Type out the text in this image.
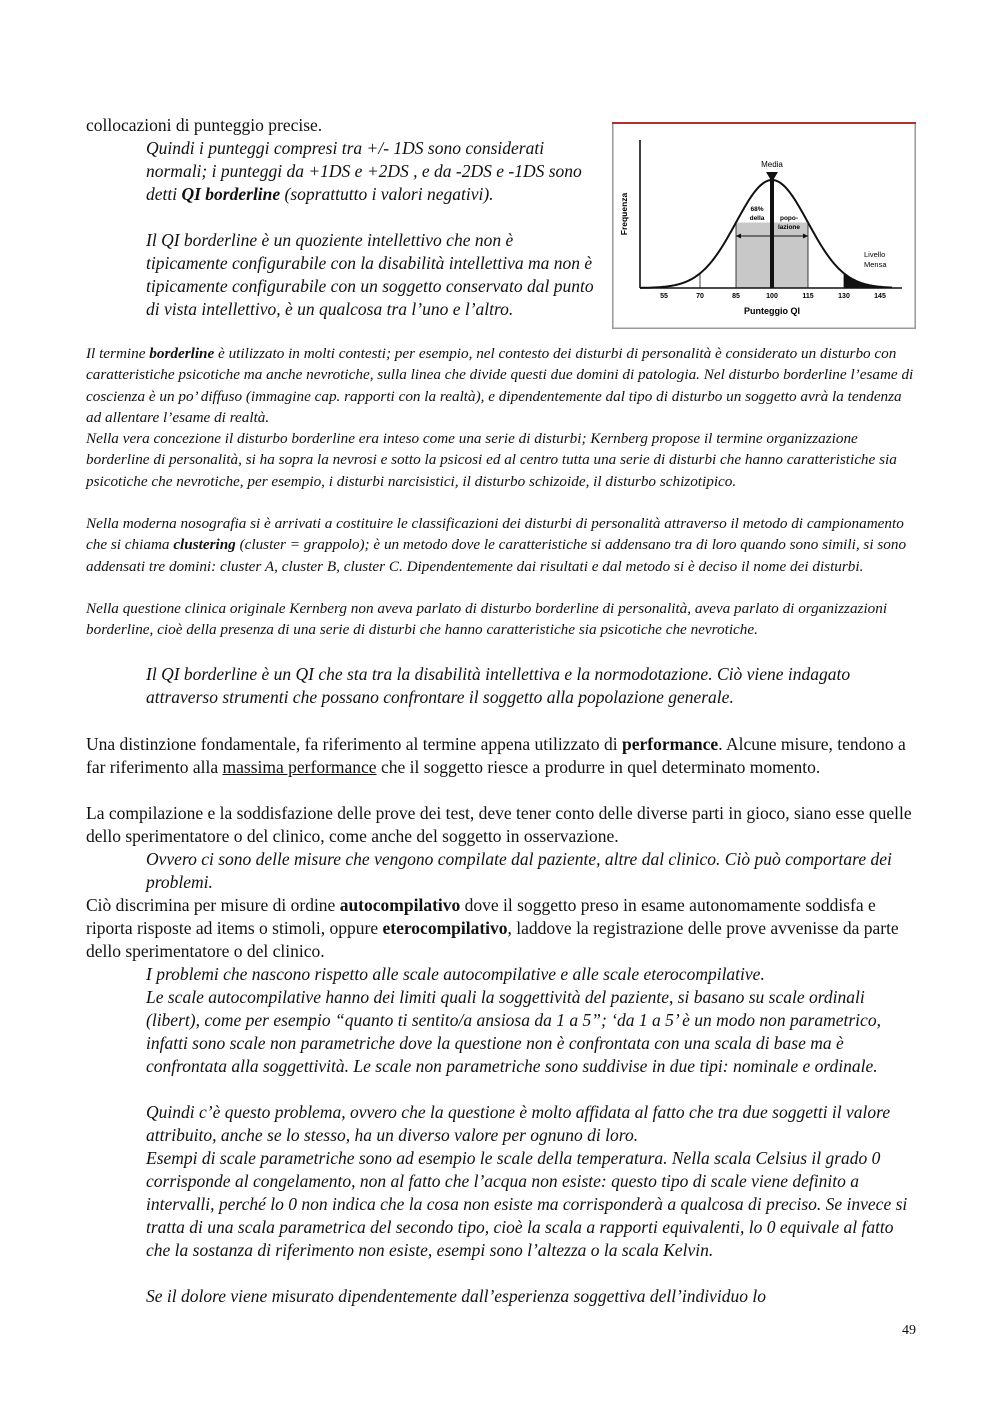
collocazioni di punteggio precise.

Quindi i punteggi compresi tra +/- 1DS sono considerati normali; i punteggi da +1DS e +2DS , e da -2DS e -1DS sono detti QI borderline (soprattutto i valori negativi).

Il QI borderline è un quoziente intellettivo che non è tipicamente configurabile con la disabilità intellettiva ma non è tipicamente configurabile con un soggetto conservato dal punto di vista intellettivo, è un qualcosa tra l’uno e l’altro.

Frequenza
Punteggio QI
Media
68%
della popo-
lazione
Livello
Mensa
55	70	85	100	115	130	145

Il termine borderline è utilizzato in molti contesti; per esempio, nel contesto dei disturbi di personalità è considerato un disturbo con caratteristiche psicotiche ma anche nevrotiche, sulla linea che divide questi due domini di patologia. Nel disturbo borderline l’esame di coscienza è un po’ diffuso (immagine cap. rapporti con la realtà), e dipendentemente dal tipo di disturbo un soggetto avrà la tendenza ad allentare l’esame di realtà.

Nella vera concezione il disturbo borderline era inteso come una serie di disturbi; Kernberg propose il termine organizzazione borderline di personalità, si ha sopra la nevrosi e sotto la psicosi ed al centro tutta una serie di disturbi che hanno caratteristiche sia psicotiche che nevrotiche, per esempio, i disturbi narcisistici, il disturbo schizoide, il disturbo schizotipico.

Nella moderna nosografia si è arrivati a costituire le classificazioni dei disturbi di personalità attraverso il metodo di campionamento che si chiama clustering (cluster = grappolo); è un metodo dove le caratteristiche si addensano tra di loro quando sono simili, si sono addensati tre domini: cluster A, cluster B, cluster C. Dipendentemente dai risultati e dal metodo si è deciso il nome dei disturbi.

Nella questione clinica originale Kernberg non aveva parlato di disturbo borderline di personalità, aveva parlato di organizzazioni borderline, cioè della presenza di una serie di disturbi che hanno caratteristiche sia psicotiche che nevrotiche.

Il QI borderline è un QI che sta tra la disabilità intellettiva e la normodotazione. Ciò viene indagato attraverso strumenti che possano confrontare il soggetto alla popolazione generale.

Una distinzione fondamentale, fa riferimento al termine appena utilizzato di performance. Alcune misure, tendono a far riferimento alla massima performance che il soggetto riesce a produrre in quel determinato momento.

La compilazione e la soddisfazione delle prove dei test, deve tener conto delle diverse parti in gioco, siano esse quelle dello sperimentatore o del clinico, come anche del soggetto in osservazione.

Ovvero ci sono delle misure che vengono compilate dal paziente, altre dal clinico. Ciò può comportare dei problemi.

Ciò discrimina per misure di ordine autocompilativo dove il soggetto preso in esame autonomamente soddisfa e riporta risposte ad items o stimoli, oppure eterocompilativo, laddove la registrazione delle prove avvenisse da parte dello sperimentatore o del clinico.

I problemi che nascono rispetto alle scale autocompilative e alle scale eterocompilative.

Le scale autocompilative hanno dei limiti quali la soggettività del paziente, si basano su scale ordinali (libert), come per esempio “quanto ti sentito/a ansiosa da 1 a 5”; ‘da 1 a 5’ è un modo non parametrico, infatti sono scale non parametriche dove la questione non è confrontata con una scala di base ma è confrontata alla soggettività. Le scale non parametriche sono suddivise in due tipi: nominale e ordinale.

Quindi c’è questo problema, ovvero che la questione è molto affidata al fatto che tra due soggetti il valore attribuito, anche se lo stesso, ha un diverso valore per ognuno di loro.

Esempi di scale parametriche sono ad esempio le scale della temperatura. Nella scala Celsius il grado 0 corrisponde al congelamento, non al fatto che l’acqua non esiste: questo tipo di scale viene definito a intervalli, perché lo 0 non indica che la cosa non esiste ma corrisponderà a qualcosa di preciso. Se invece si tratta di una scala parametrica del secondo tipo, cioè la scala a rapporti equivalenti, lo 0 equivale al fatto che la sostanza di riferimento non esiste, esempi sono l’altezza o la scala Kelvin.

Se il dolore viene misurato dipendentemente dall’esperienza soggettiva dell’individuo lo

49
